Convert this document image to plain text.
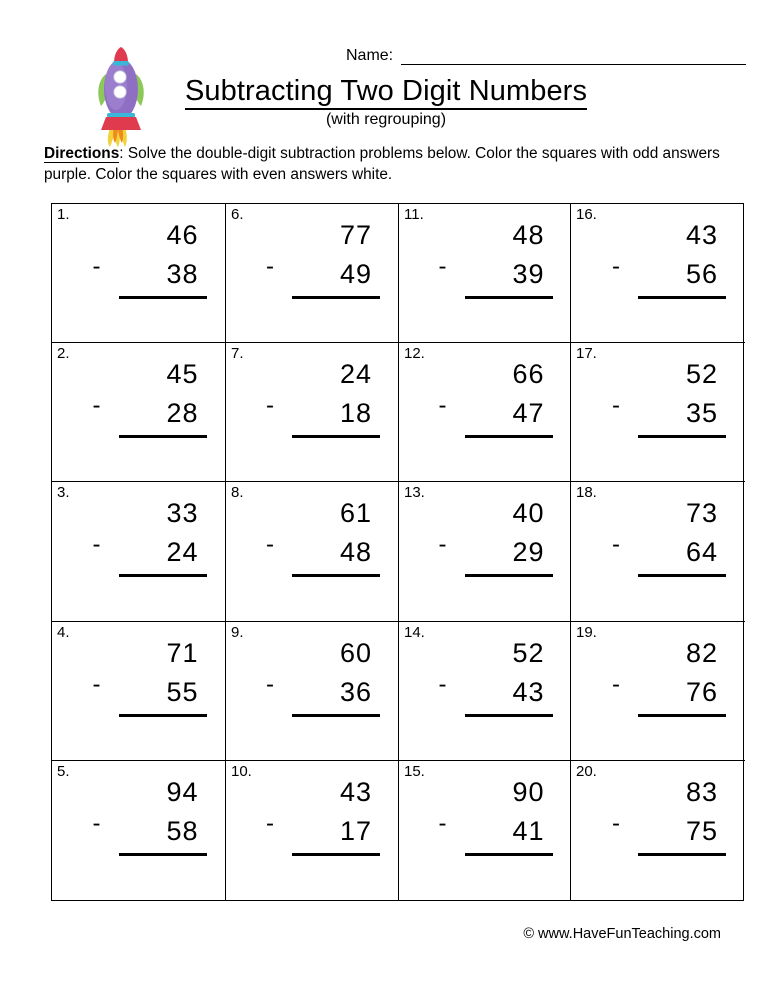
Name:
Subtracting Two Digit Numbers
(with regrouping)
Directions: Solve the double-digit subtraction problems below. Color the squares with odd answers purple. Color the squares with even answers white.
1.
46
38
-
6.
77
49
-
11.
48
39
-
16.
43
56
-
2.
45
28
-
7.
24
18
-
12.
66
47
-
17.
52
35
-
3.
33
24
-
8.
61
48
-
13.
40
29
-
18.
73
64
-
4.
71
55
-
9.
60
36
-
14.
52
43
-
19.
82
76
-
5.
94
58
-
10.
43
17
-
15.
90
41
-
20.
83
75
-
© www.HaveFunTeaching.com
